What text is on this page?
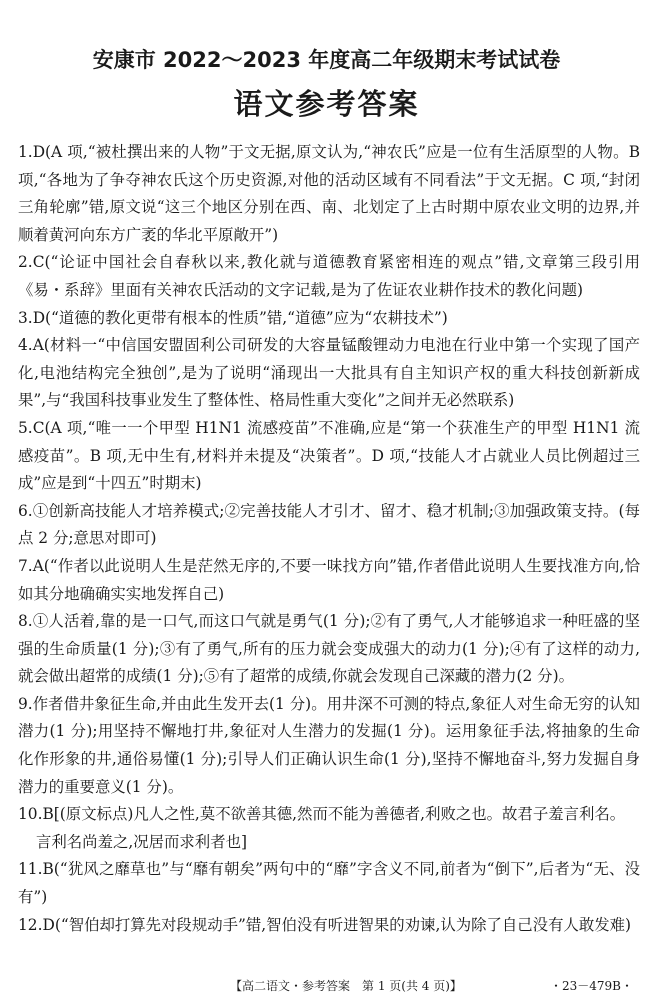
安康市 2022～2023 年度高二年级期末考试试卷
语文参考答案

1.D(A 项,“被杜撰出来的人物”于文无据,原文认为,“神农氏”应是一位有生活原型的人物。B 项,“各地为了争夺神农氏这个历史资源,对他的活动区域有不同看法”于文无据。C 项,“封闭三角轮廓”错,原文说“这三个地区分别在西、南、北划定了上古时期中原农业文明的边界,并顺着黄河向东方广袤的华北平原敞开”)

2.C(“论证中国社会自春秋以来,教化就与道德教育紧密相连的观点”错,文章第三段引用《易・系辞》里面有关神农氏活动的文字记载,是为了佐证农业耕作技术的教化问题)

3.D(“道德的教化更带有根本的性质”错,“道德”应为“农耕技术”)

4.A(材料一“中信国安盟固利公司研发的大容量锰酸锂动力电池在行业中第一个实现了国产化,电池结构完全独创”,是为了说明“涌现出一大批具有自主知识产权的重大科技创新新成果”,与“我国科技事业发生了整体性、格局性重大变化”之间并无必然联系)

5.C(A 项,“唯一一个甲型 H1N1 流感疫苗”不准确,应是“第一个获准生产的甲型 H1N1 流感疫苗”。B 项,无中生有,材料并未提及“决策者”。D 项,“技能人才占就业人员比例超过三成”应是到“十四五”时期末)

6.①创新高技能人才培养模式;②完善技能人才引才、留才、稳才机制;③加强政策支持。(每点 2 分;意思对即可)

7.A(“作者以此说明人生是茫然无序的,不要一味找方向”错,作者借此说明人生要找准方向,恰如其分地确确实实地发挥自己)

8.①人活着,靠的是一口气,而这口气就是勇气(1 分);②有了勇气,人才能够追求一种旺盛的坚强的生命质量(1 分);③有了勇气,所有的压力就会变成强大的动力(1 分);④有了这样的动力,就会做出超常的成绩(1 分);⑤有了超常的成绩,你就会发现自己深藏的潜力(2 分)。

9.作者借井象征生命,并由此生发开去(1 分)。用井深不可测的特点,象征人对生命无穷的认知潜力(1 分);用坚持不懈地打井,象征对人生潜力的发掘(1 分)。运用象征手法,将抽象的生命化作形象的井,通俗易懂(1 分);引导人们正确认识生命(1 分),坚持不懈地奋斗,努力发掘自身潜力的重要意义(1 分)。

10.B[(原文标点)凡人之性,莫不欲善其德,然而不能为善德者,利败之也。故君子羞言利名。
言利名尚羞之,况居而求利者也]

11.B(“犹风之靡草也”与“靡有朝矣”两句中的“靡”字含义不同,前者为“倒下”,后者为“无、没有”)

12.D(“智伯却打算先对段规动手”错,智伯没有听进智果的劝谏,认为除了自己没有人敢发难)

【高二语文・参考答案　第 1 页(共 4 页)】	・23－479B・
